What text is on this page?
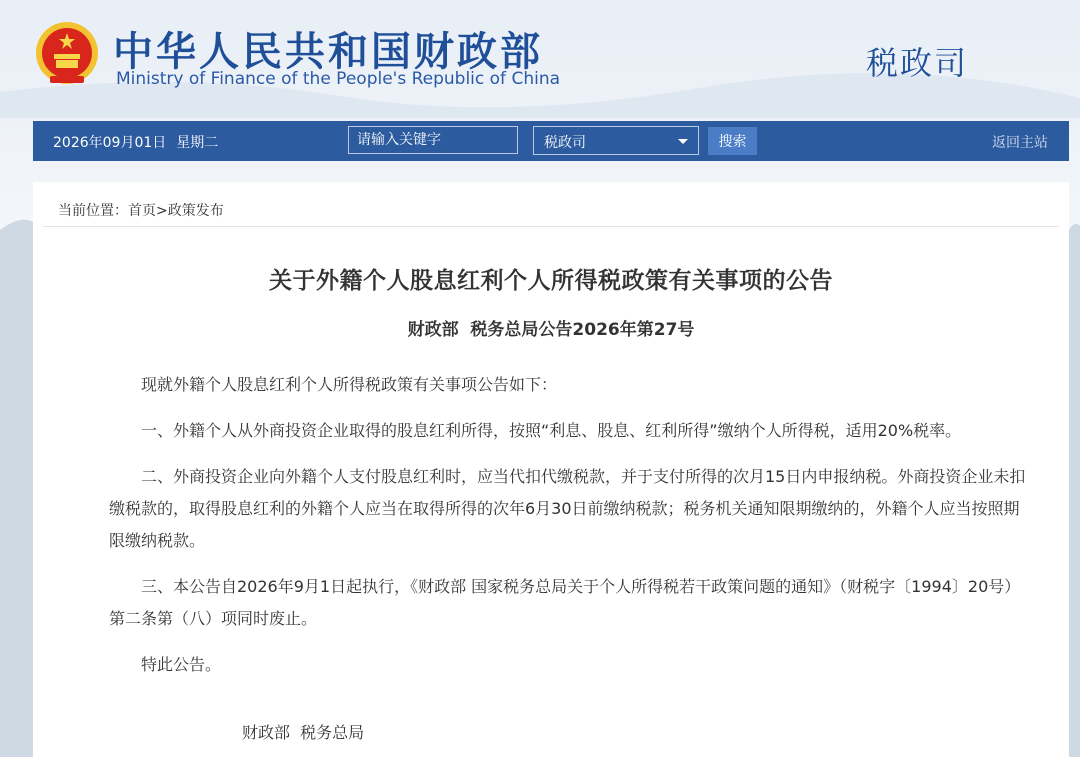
中华人民共和国财政部
Ministry of Finance of the People's Republic of China	税政司
2026年09月01日 星期二
请输入关键字	税政司	搜索	返回主站
当前位置：首页>政策发布
关于外籍个人股息红利个人所得税政策有关事项的公告
财政部  税务总局公告2026年第27号

现就外籍个人股息红利个人所得税政策有关事项公告如下：

一、外籍个人从外商投资企业取得的股息红利所得，按照“利息、股息、红利所得”缴纳个人所得税，适用20%税率。

二、外商投资企业向外籍个人支付股息红利时，应当代扣代缴税款，并于支付所得的次月15日内申报纳税。外商投资企业未扣缴税款的，取得股息红利的外籍个人应当在取得所得的次年6月30日前缴纳税款；税务机关通知限期缴纳的，外籍个人应当按照期限缴纳税款。

三、本公告自2026年9月1日起执行，《财政部 国家税务总局关于个人所得税若干政策问题的通知》（财税字〔1994〕20号）第二条第（八）项同时废止。

特此公告。

财政部  税务总局
